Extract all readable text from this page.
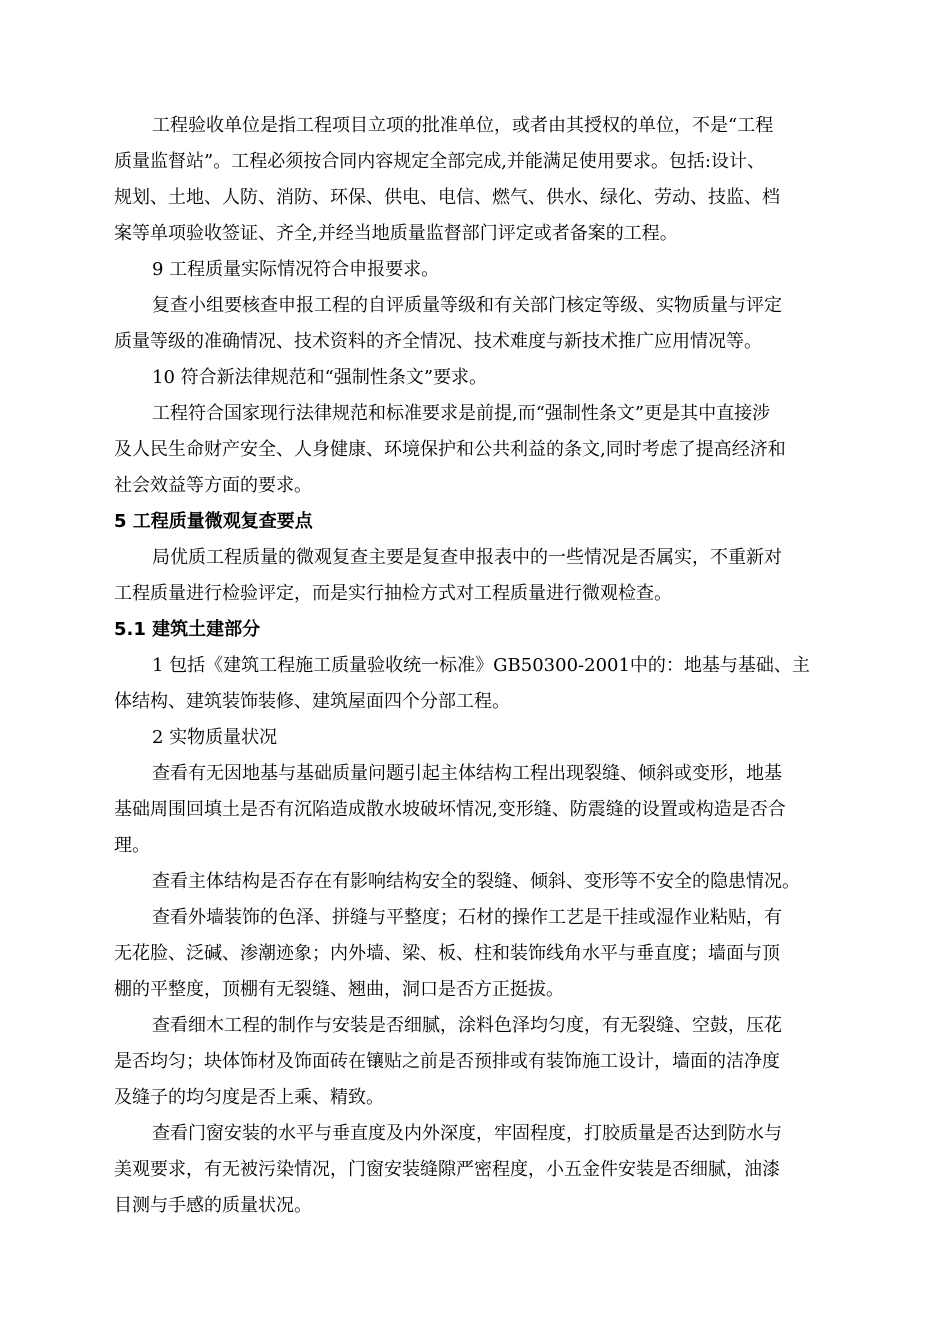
工程验收单位是指工程项目立项的批准单位，或者由其授权的单位，不是“工程
质量监督站”。工程必须按合同内容规定全部完成,并能满足使用要求。包括:设计、
规划、土地、人防、消防、环保、供电、电信、燃气、供水、绿化、劳动、技监、档
案等单项验收签证、齐全,并经当地质量监督部门评定或者备案的工程。
9 工程质量实际情况符合申报要求。
复查小组要核查申报工程的自评质量等级和有关部门核定等级、实物质量与评定
质量等级的准确情况、技术资料的齐全情况、技术难度与新技术推广应用情况等。
10 符合新法律规范和“强制性条文”要求。
工程符合国家现行法律规范和标准要求是前提,而“强制性条文”更是其中直接涉
及人民生命财产安全、人身健康、环境保护和公共利益的条文,同时考虑了提高经济和
社会效益等方面的要求。
5 工程质量微观复查要点
局优质工程质量的微观复查主要是复查申报表中的一些情况是否属实，不重新对
工程质量进行检验评定，而是实行抽检方式对工程质量进行微观检查。
5.1 建筑土建部分
1 包括《建筑工程施工质量验收统一标准》GB50300-2001中的：地基与基础、主
体结构、建筑装饰装修、建筑屋面四个分部工程。
2 实物质量状况
查看有无因地基与基础质量问题引起主体结构工程出现裂缝、倾斜或变形，地基
基础周围回填土是否有沉陷造成散水坡破坏情况,变形缝、防震缝的设置或构造是否合
理。
查看主体结构是否存在有影响结构安全的裂缝、倾斜、变形等不安全的隐患情况。
查看外墙装饰的色泽、拼缝与平整度；石材的操作工艺是干挂或湿作业粘贴，有
无花脸、泛碱、渗潮迹象；内外墙、梁、板、柱和装饰线角水平与垂直度；墙面与顶
棚的平整度，顶棚有无裂缝、翘曲，洞口是否方正挺拔。
查看细木工程的制作与安装是否细腻，涂料色泽均匀度，有无裂缝、空鼓，压花
是否均匀；块体饰材及饰面砖在镶贴之前是否预排或有装饰施工设计，墙面的洁净度
及缝子的均匀度是否上乘、精致。
查看门窗安装的水平与垂直度及内外深度，牢固程度，打胶质量是否达到防水与
美观要求，有无被污染情况，门窗安装缝隙严密程度，小五金件安装是否细腻，油漆
目测与手感的质量状况。
